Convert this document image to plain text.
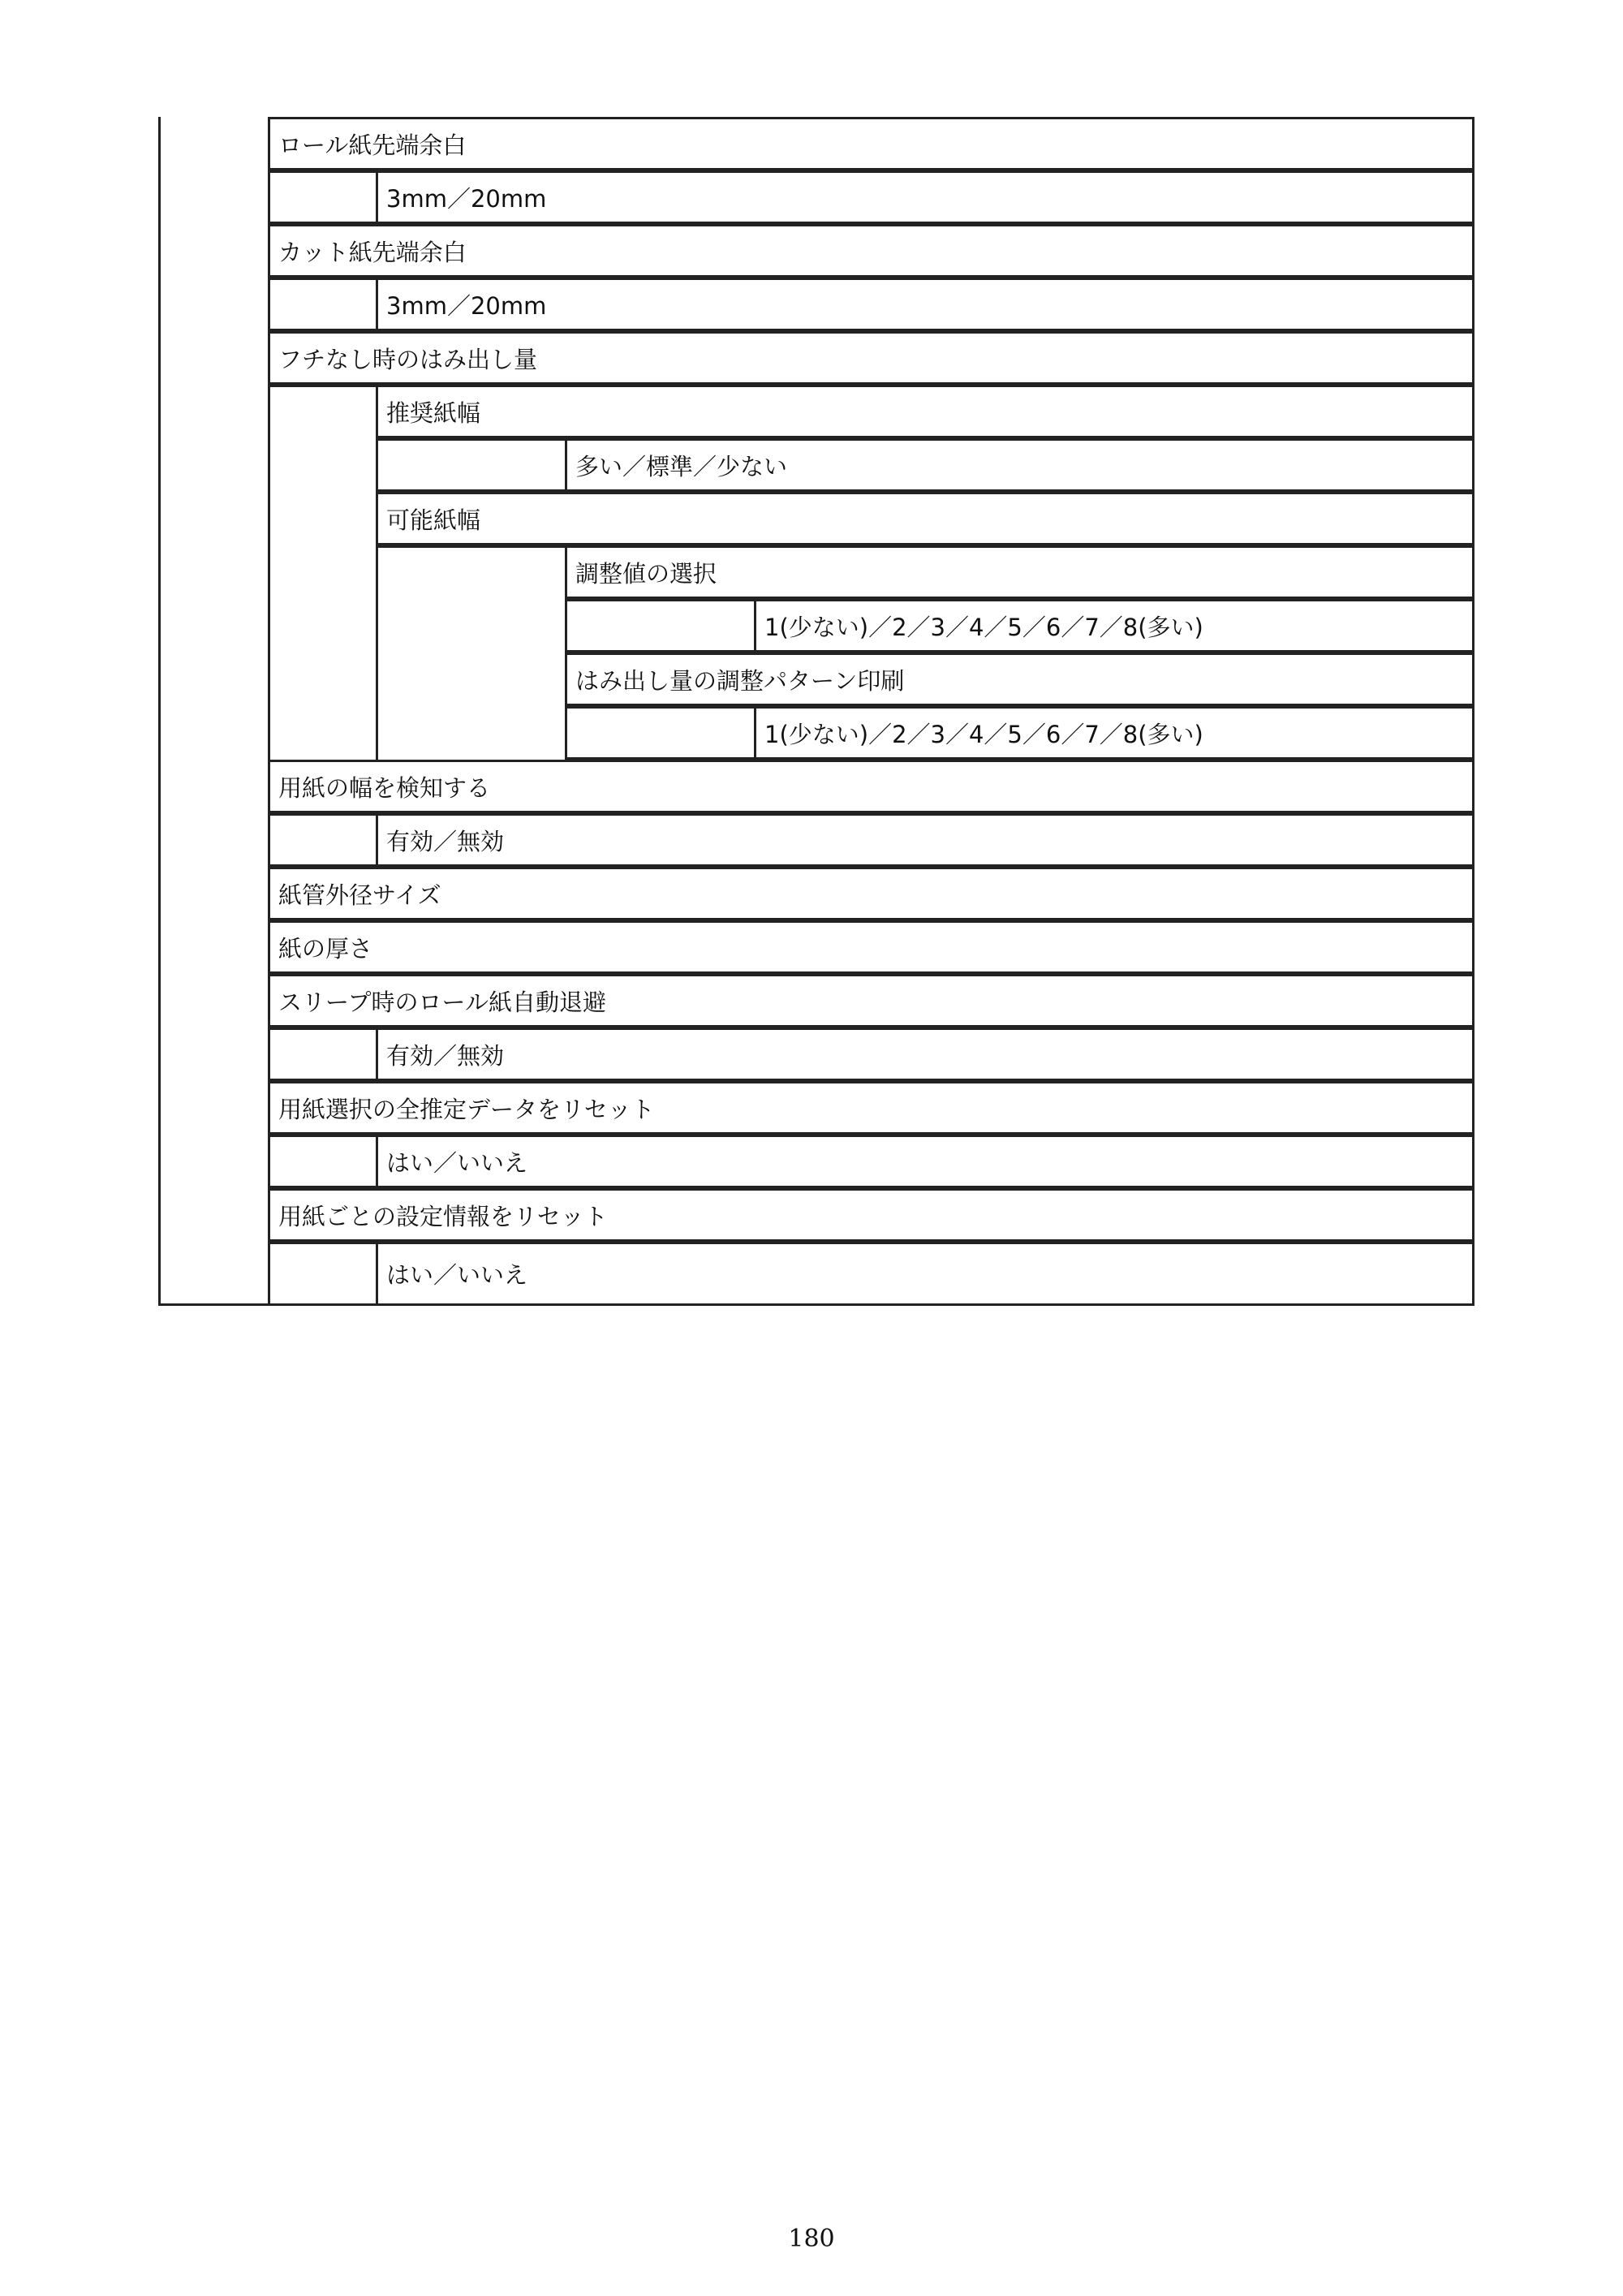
ロール紙先端余白
3mm／20mm
カット紙先端余白
3mm／20mm
フチなし時のはみ出し量
推奨紙幅
多い／標準／少ない
可能紙幅
調整値の選択
1(少ない)／2／3／4／5／6／7／8(多い)
はみ出し量の調整パターン印刷
1(少ない)／2／3／4／5／6／7／8(多い)
用紙の幅を検知する
有効／無効
紙管外径サイズ
紙の厚さ
スリープ時のロール紙自動退避
有効／無効
用紙選択の全推定データをリセット
はい／いいえ
用紙ごとの設定情報をリセット
はい／いいえ
180
